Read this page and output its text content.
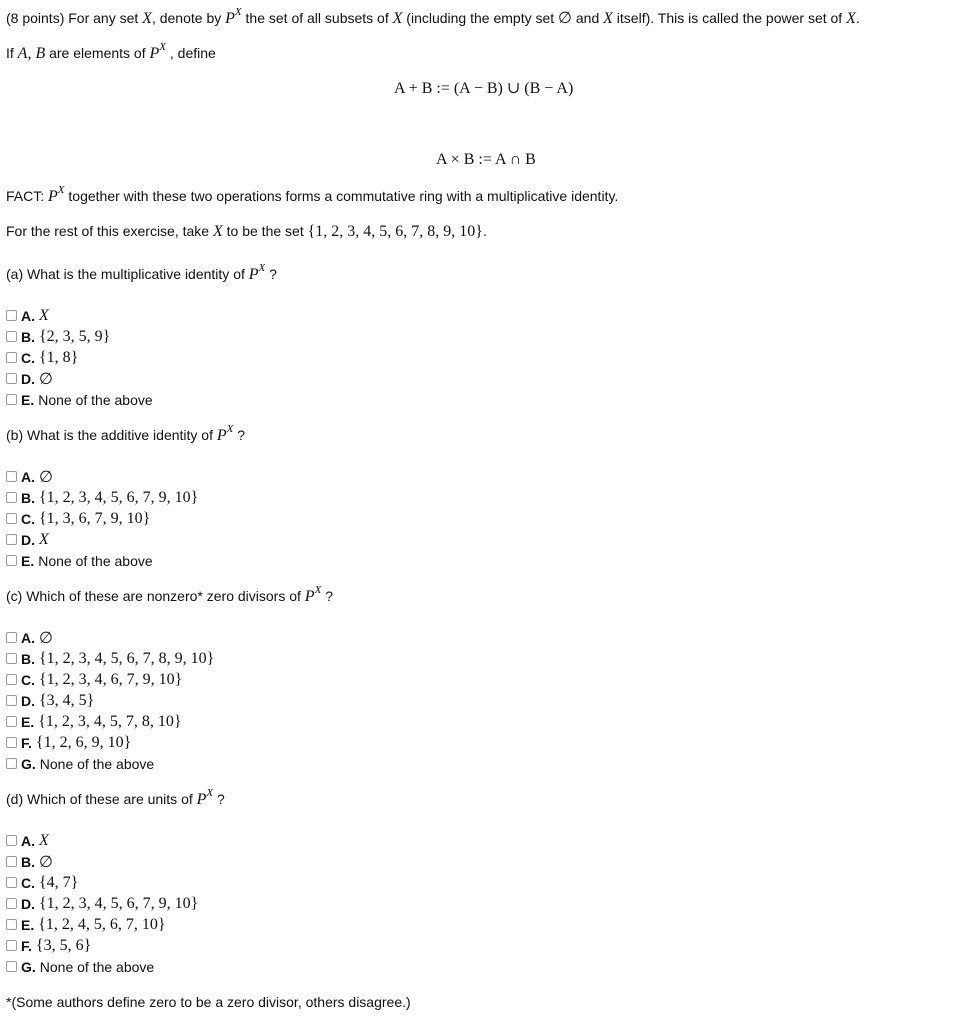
(8 points) For any set X, denote by $P^X$ the set of all subsets of X (including the empty set ∅ and X itself). This is called the power set of X.
If A, B are elements of $P^X$ , define
A + B := (A − B) ∪ (B − A)
A × B := A ∩ B
FACT: $P^X$ together with these two operations forms a commutative ring with a multiplicative identity.
For the rest of this exercise, take X to be the set {1, 2, 3, 4, 5, 6, 7, 8, 9, 10}.
(a) What is the multiplicative identity of $P^X$ ?
A. X
B. {2, 3, 5, 9}
C. {1, 8}
D. ∅
E. None of the above
(b) What is the additive identity of $P^X$ ?
A. ∅
B. {1, 2, 3, 4, 5, 6, 7, 9, 10}
C. {1, 3, 6, 7, 9, 10}
D. X
E. None of the above
(c) Which of these are nonzero* zero divisors of $P^X$ ?
A. ∅
B. {1, 2, 3, 4, 5, 6, 7, 8, 9, 10}
C. {1, 2, 3, 4, 6, 7, 9, 10}
D. {3, 4, 5}
E. {1, 2, 3, 4, 5, 7, 8, 10}
F. {1, 2, 6, 9, 10}
G. None of the above
(d) Which of these are units of $P^X$ ?
A. X
B. ∅
C. {4, 7}
D. {1, 2, 3, 4, 5, 6, 7, 9, 10}
E. {1, 2, 4, 5, 6, 7, 10}
F. {3, 5, 6}
G. None of the above
*(Some authors define zero to be a zero divisor, others disagree.)
